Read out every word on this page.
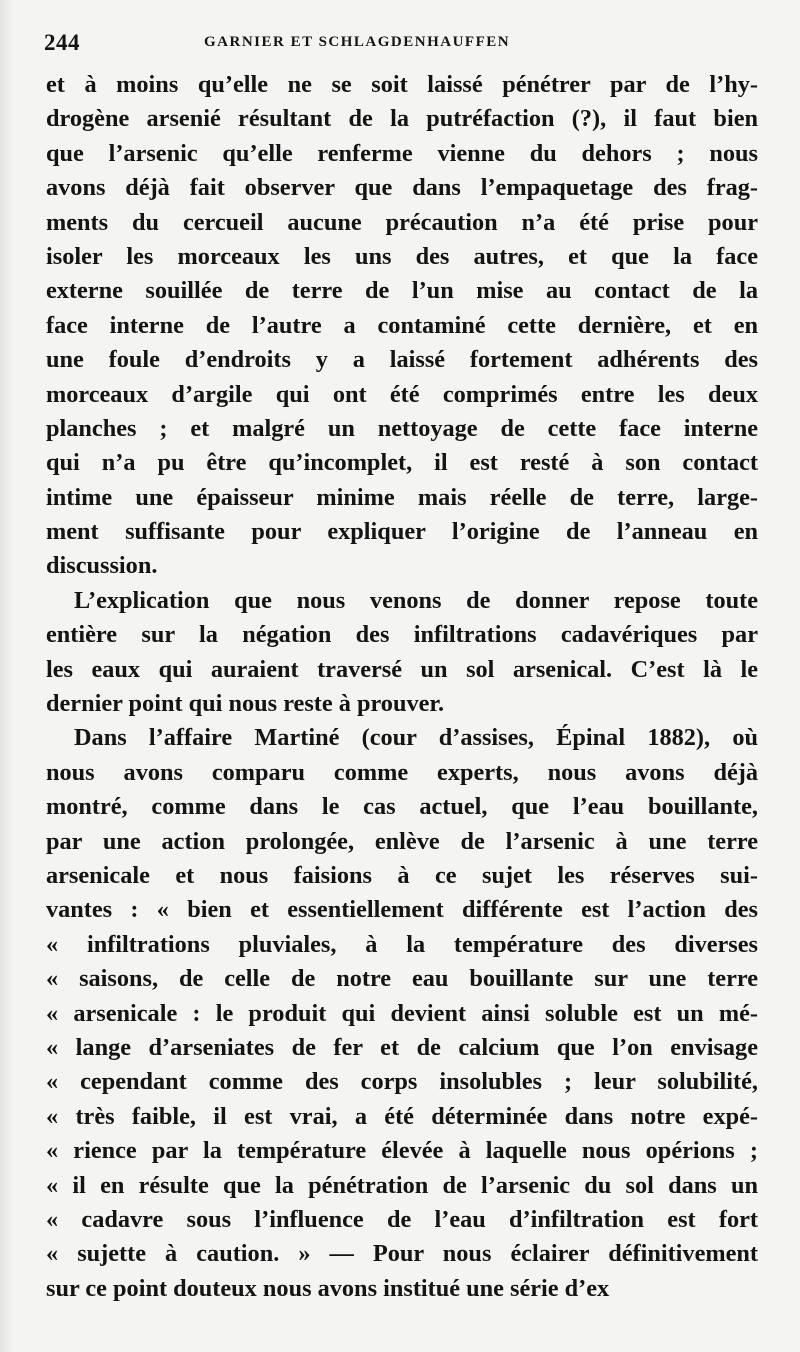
244	GARNIER ET SCHLAGDENHAUFFEN
et à moins qu’elle ne se soit laissé pénétrer par de l’hy-
drogène arsenié résultant de la putréfaction (?), il faut bien
que l’arsenic qu’elle renferme vienne du dehors ; nous
avons déjà fait observer que dans l’empaquetage des frag-
ments du cercueil aucune précaution n’a été prise pour
isoler les morceaux les uns des autres, et que la face
externe souillée de terre de l’un mise au contact de la
face interne de l’autre a contaminé cette dernière, et en
une foule d’endroits y a laissé fortement adhérents des
morceaux d’argile qui ont été comprimés entre les deux
planches ; et malgré un nettoyage de cette face interne
qui n’a pu être qu’incomplet, il est resté à son contact
intime une épaisseur minime mais réelle de terre, large-
ment suffisante pour expliquer l’origine de l’anneau en
discussion.
L’explication que nous venons de donner repose toute
entière sur la négation des infiltrations cadavériques par
les eaux qui auraient traversé un sol arsenical. C’est là le
dernier point qui nous reste à prouver.
Dans l’affaire Martiné (cour d’assises, Épinal 1882), où
nous avons comparu comme experts, nous avons déjà
montré, comme dans le cas actuel, que l’eau bouillante,
par une action prolongée, enlève de l’arsenic à une terre
arsenicale et nous faisions à ce sujet les réserves sui-
vantes : « bien et essentiellement différente est l’action des
« infiltrations pluviales, à la température des diverses
« saisons, de celle de notre eau bouillante sur une terre
« arsenicale : le produit qui devient ainsi soluble est un mé-
« lange d’arseniates de fer et de calcium que l’on envisage
« cependant comme des corps insolubles ; leur solubilité,
« très faible, il est vrai, a été déterminée dans notre expé-
« rience par la température élevée à laquelle nous opérions ;
« il en résulte que la pénétration de l’arsenic du sol dans un
« cadavre sous l’influence de l’eau d’infiltration est fort
« sujette à caution. » — Pour nous éclairer définitivement
sur ce point douteux nous avons institué une série d’ex
